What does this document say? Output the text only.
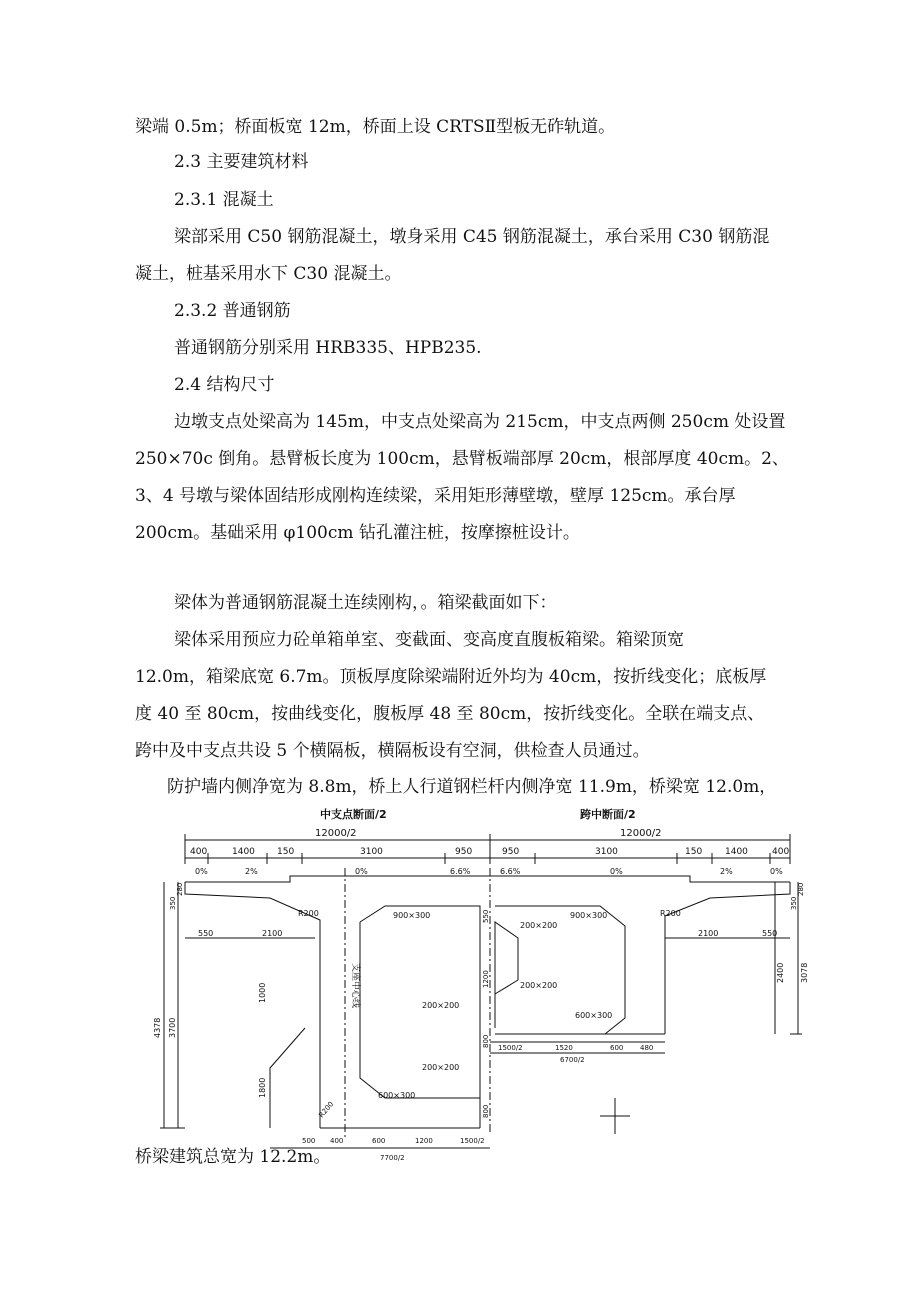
梁端 0.5m；桥面板宽 12m，桥面上设 CRTSⅡ型板无砟轨道。
2.3 主要建筑材料
2.3.1 混凝土
梁部采用 C50 钢筋混凝土，墩身采用 C45 钢筋混凝土，承台采用 C30 钢筋混
凝土，桩基采用水下 C30 混凝土。
2.3.2 普通钢筋
普通钢筋分别采用 HRB335、HPB235.
2.4 结构尺寸
边墩支点处梁高为 145m，中支点处梁高为 215cm，中支点两侧 250cm 处设置
250×70c 倒角。悬臂板长度为 100cm，悬臂板端部厚 20cm，根部厚度 40cm。2、
3、4 号墩与梁体固结形成刚构连续梁，采用矩形薄壁墩，壁厚 125cm。承台厚
200cm。基础采用 φ100cm 钻孔灌注桩，按摩擦桩设计。
梁体为普通钢筋混凝土连续刚构，。箱梁截面如下：
梁体采用预应力砼单箱单室、变截面、变高度直腹板箱梁。箱梁顶宽
12.0m，箱梁底宽 6.7m。顶板厚度除梁端附近外均为 40cm，按折线变化；底板厚
度 40 至 80cm，按曲线变化，腹板厚 48 至 80cm，按折线变化。全联在端支点、
跨中及中支点共设 5 个横隔板，横隔板设有空洞，供检查人员通过。
防护墙内侧净宽为 8.8m，桥上人行道钢栏杆内侧净宽 11.9m，桥梁宽 12.0m，
中支点断面/2	跨中断面/2
12000/2	12000/2
400	1400 150	3100	950	950	3100	150	1400	400
0%	2%	0%	6.6%	6.6%	0%	2%	0%
550	2100	2100	550
R200	R200
900×300	900×300
600×300
600×300
200×200
200×200
200×200
200×200
支座中心线
4378 3700
1000
1800
350
280
3078
2400
350
280
550
1200
800
800
500 400	600	1200	1500/2
7700/2
1500/2	1520	600 480
6700/2
R200
桥梁建筑总宽为 12.2m。
